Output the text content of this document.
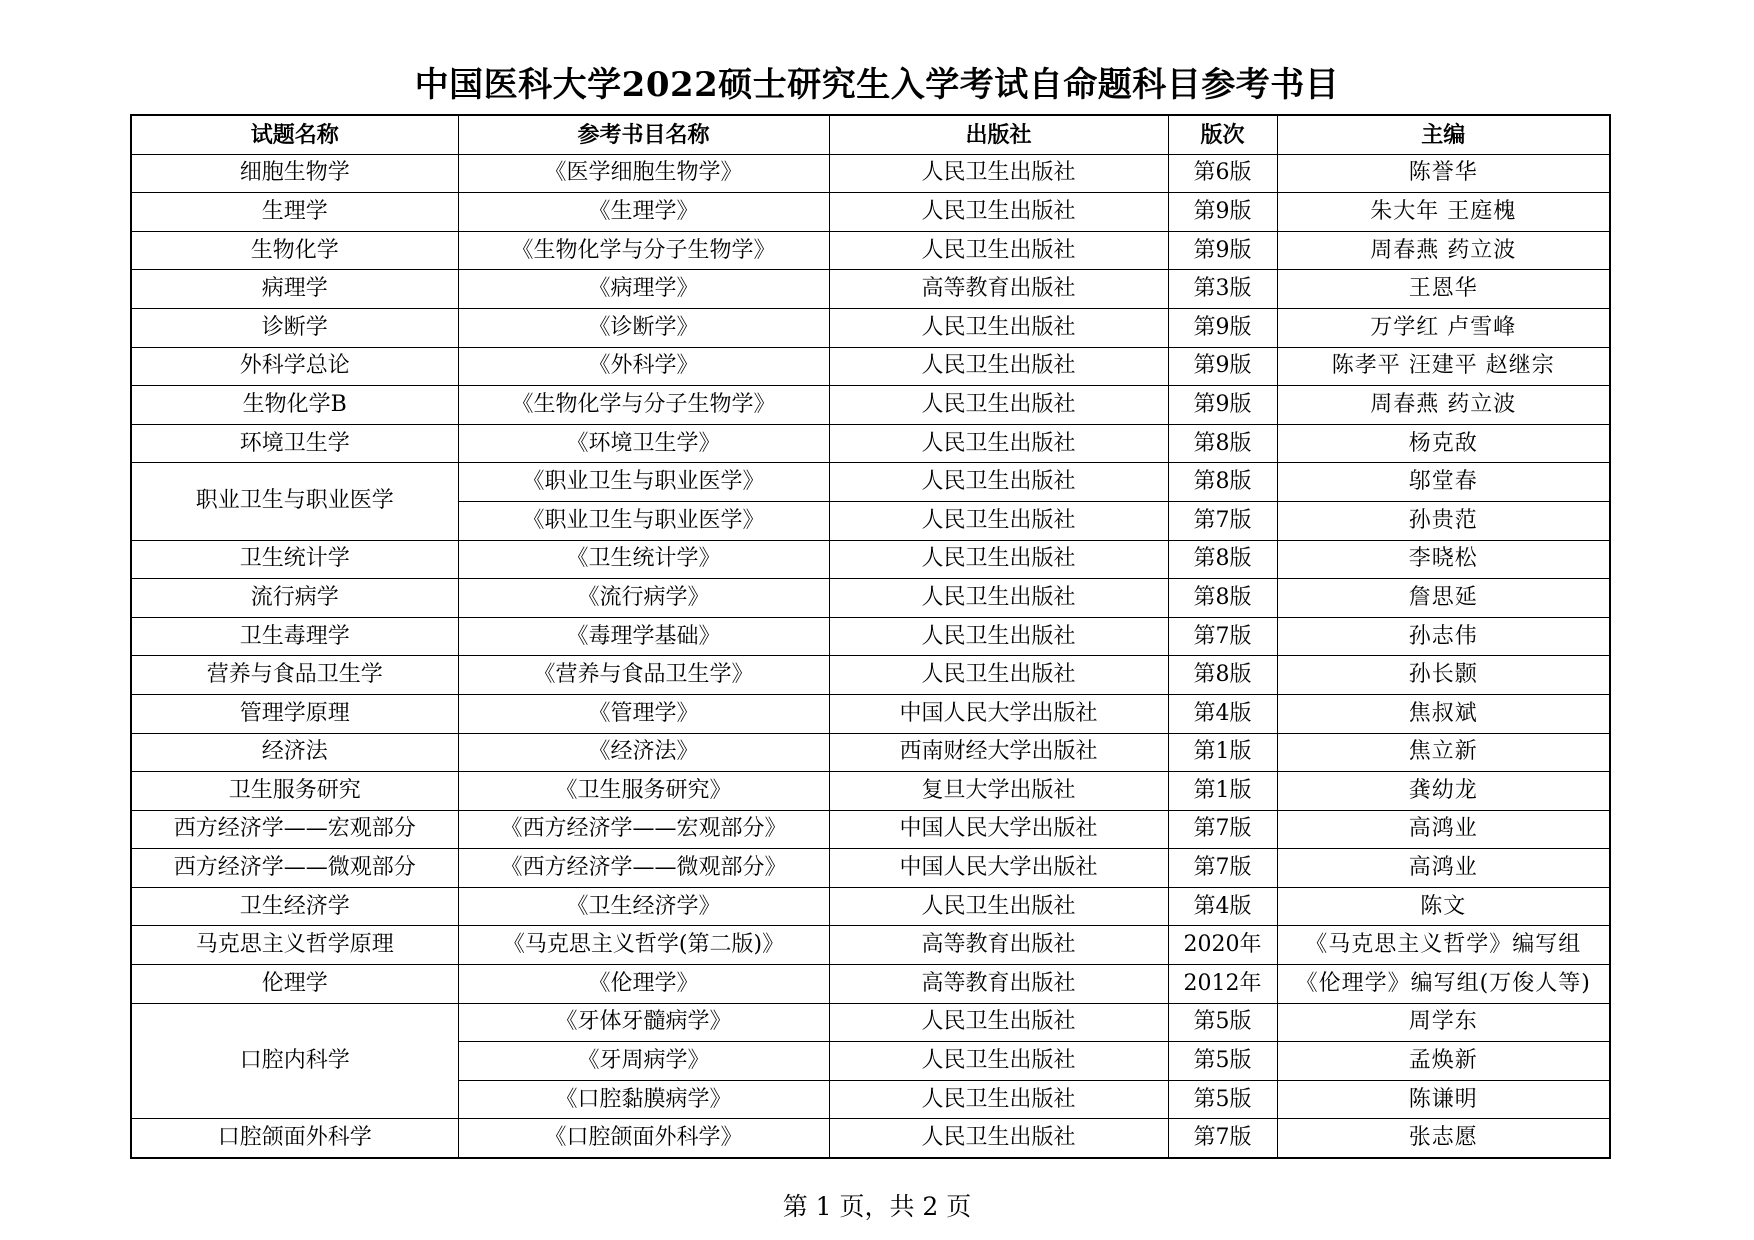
中国医科大学2022硕士研究生入学考试自命题科目参考书目
试题名称	参考书目名称	出版社	版次	主编
细胞生物学	《医学细胞生物学》	人民卫生出版社	第6版	陈誉华
生理学	《生理学》	人民卫生出版社	第9版	朱大年 王庭槐
生物化学	《生物化学与分子生物学》	人民卫生出版社	第9版	周春燕 药立波
病理学	《病理学》	高等教育出版社	第3版	王恩华
诊断学	《诊断学》	人民卫生出版社	第9版	万学红 卢雪峰
外科学总论	《外科学》	人民卫生出版社	第9版	陈孝平 汪建平 赵继宗
生物化学B	《生物化学与分子生物学》	人民卫生出版社	第9版	周春燕 药立波
环境卫生学	《环境卫生学》	人民卫生出版社	第8版	杨克敌
职业卫生与职业医学	《职业卫生与职业医学》	人民卫生出版社	第8版	邬堂春
	《职业卫生与职业医学》	人民卫生出版社	第7版	孙贵范
卫生统计学	《卫生统计学》	人民卫生出版社	第8版	李晓松
流行病学	《流行病学》	人民卫生出版社	第8版	詹思延
卫生毒理学	《毒理学基础》	人民卫生出版社	第7版	孙志伟
营养与食品卫生学	《营养与食品卫生学》	人民卫生出版社	第8版	孙长颢
管理学原理	《管理学》	中国人民大学出版社	第4版	焦叔斌
经济法	《经济法》	西南财经大学出版社	第1版	焦立新
卫生服务研究	《卫生服务研究》	复旦大学出版社	第1版	龚幼龙
西方经济学——宏观部分	《西方经济学——宏观部分》	中国人民大学出版社	第7版	高鸿业
西方经济学——微观部分	《西方经济学——微观部分》	中国人民大学出版社	第7版	高鸿业
卫生经济学	《卫生经济学》	人民卫生出版社	第4版	陈文
马克思主义哲学原理	《马克思主义哲学(第二版)》	高等教育出版社	2020年	《马克思主义哲学》编写组
伦理学	《伦理学》	高等教育出版社	2012年	《伦理学》编写组(万俊人等)
口腔内科学	《牙体牙髓病学》	人民卫生出版社	第5版	周学东
	《牙周病学》	人民卫生出版社	第5版	孟焕新
	《口腔黏膜病学》	人民卫生出版社	第5版	陈谦明
口腔颌面外科学	《口腔颌面外科学》	人民卫生出版社	第7版	张志愿
第 1 页，共 2 页
